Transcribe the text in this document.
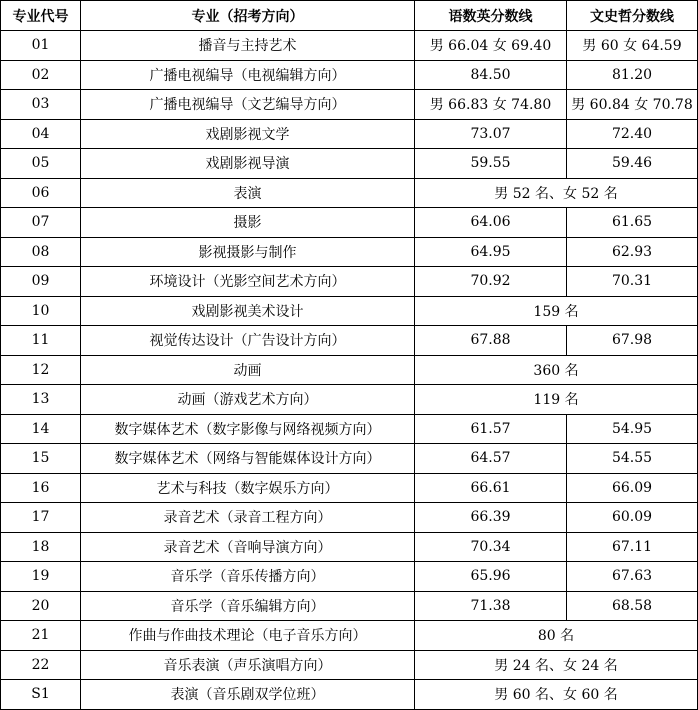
专业代号	专业（招考方向）	语数英分数线	文史哲分数线
01	播音与主持艺术	男 66.04 女 69.40	男 60 女 64.59
02	广播电视编导（电视编辑方向）	84.50	81.20
03	广播电视编导（文艺编导方向）	男 66.83 女 74.80	男 60.84 女 70.78
04	戏剧影视文学	73.07	72.40
05	戏剧影视导演	59.55	59.46
06	表演	男 52 名、女 52 名	
07	摄影	64.06	61.65
08	影视摄影与制作	64.95	62.93
09	环境设计（光影空间艺术方向）	70.92	70.31
10	戏剧影视美术设计	159 名	
11	视觉传达设计（广告设计方向）	67.88	67.98
12	动画	360 名	
13	动画（游戏艺术方向）	119 名	
14	数字媒体艺术（数字影像与网络视频方向）	61.57	54.95
15	数字媒体艺术（网络与智能媒体设计方向）	64.57	54.55
16	艺术与科技（数字娱乐方向）	66.61	66.09
17	录音艺术（录音工程方向）	66.39	60.09
18	录音艺术（音响导演方向）	70.34	67.11
19	音乐学（音乐传播方向）	65.96	67.63
20	音乐学（音乐编辑方向）	71.38	68.58
21	作曲与作曲技术理论（电子音乐方向）	80 名	
22	音乐表演（声乐演唱方向）	男 24 名、女 24 名	
S1	表演（音乐剧双学位班）	男 60 名、女 60 名	
